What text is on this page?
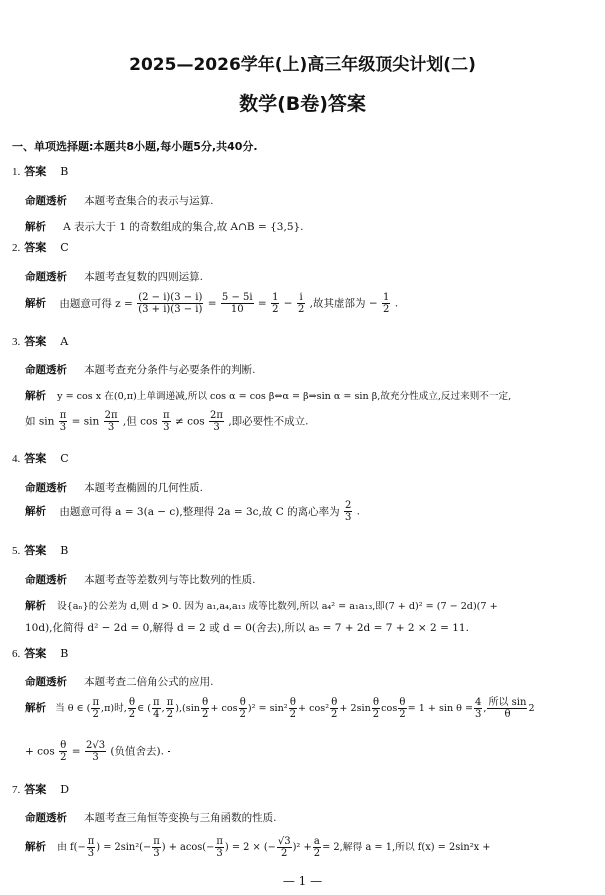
2025—2026学年(上)高三年级顶尖计划(二)
数学(B卷)答案
一、单项选择题:本题共8小题,每小题5分,共40分.
1. 答案 B
命题透析 本题考查集合的表示与运算.
解析 A 表示大于 1 的奇数组成的集合,故 A∩B = {3,5}.
2. 答案 C
命题透析 本题考查复数的四则运算.
解析 由题意可得 $z = \frac{(2 - i)(3 - i)}{(3 + i)(3 - i)} = \frac{5 - 5i}{10} = \frac{1}{2} - \frac{i}{2}$ ,故其虚部为 − $\frac{1}{2}$ .
3. 答案 A
命题透析 本题考查充分条件与必要条件的判断.
解析 y = cos x 在(0,π)上单调递减,所以 cos α = cos β⇔α = β⇒sin α = sin β,故充分性成立,反过来则不一定,
如 $\sin \frac{\pi}{3} = \sin \frac{2\pi}{3}$ ,但 $\cos \frac{\pi}{3} \ne \cos \frac{2\pi}{3}$ ,即必要性不成立.
4. 答案 C
命题透析 本题考查椭圆的几何性质.
解析 由题意可得 a = 3(a − c),整理得 2a = 3c,故 C 的离心率为 $\frac{2}{3}$ .
5. 答案 B
命题透析 本题考查等差数列与等比数列的性质.
解析 设{aₙ}的公差为 d,则 d > 0. 因为 a₁,a₄,a₁₃ 成等比数列,所以 a₄² = a₁a₁₃,即(7 + d)² = (7 − 2d)(7 +
10d),化简得 d² − 2d = 0,解得 d = 2 或 d = 0(舍去),所以 a₅ = 7 + 2d = 7 + 2 × 2 = 11.
6. 答案 B
命题透析 本题考查二倍角公式的应用.
解析 当 θ ∈ ( $\frac{\pi}{2} ,\pi$)时, $\frac{\theta}{2}$ ∈ ( $\frac{\pi}{4}$ , $\frac{\pi}{2} ),(\sin \frac{\theta}{2} + \cos \frac{\theta}{2} )^2 = \sin^2 \frac{\theta}{2} + \cos^2 \frac{\theta}{2} + 2\sin \frac{\theta}{2}$ $\cos \frac{\theta}{2} = 1 + \sin \theta = \frac{4}{3}$ ,
所以 sin
θ
2
+ $\cos \frac{\theta}{2} = \frac{2√3}{3}$ (负值舍去).
7. 答案 D
命题透析 本题考查三角恒等变换与三角函数的性质.
解析 由 $f(- \frac{\pi}{3}$ ) = $2\sin^2(- \frac{\pi}{3}$ ) + $acos(- \frac{\pi}{3}$ ) = 2 × (− $\frac{√3}{2} )^2 + \frac{a}{2} = 2$,解得 a = 1,所以 f(x) = 2sin²x +
— 1 —
